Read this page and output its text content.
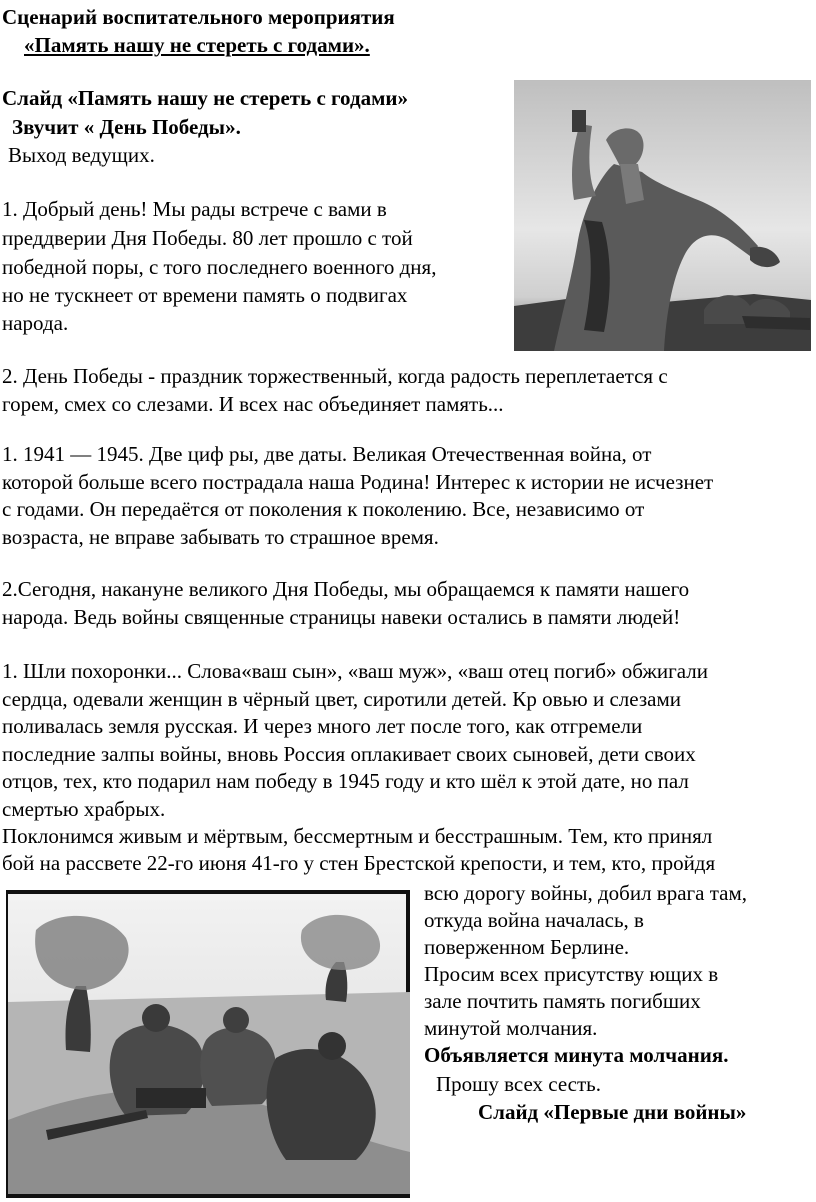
Сценарий воспитательного мероприятия
«Память нашу не стереть с годами».
Слайд «Память нашу не стереть с годами»
Звучит « День Победы».
Выход ведущих.
1. Добрый день! Мы рады встрече с вами в
преддверии Дня Победы. 80 лет прошло с той
победной поры, с того последнего военного дня,
но не тускнеет от времени память о подвигах
народа.
2. День Победы - праздник торжественный, когда радость переплетается с
горем, смех со слезами. И всех нас объединяет память...
1. 1941 — 1945. Две циф ры, две даты. Великая Отечественная война, от
которой больше всего пострадала наша Родина! Интерес к истории не исчезнет
с годами. Он передаётся от поколения к поколению. Все, независимо от
возраста, не вправе забывать то страшное время.
2.Сегодня, накануне великого Дня Победы, мы обращаемся к памяти нашего
народа. Ведь войны священные страницы навеки остались в памяти людей!
1. Шли похоронки... Слова«ваш сын», «ваш муж», «ваш отец погиб» обжигали
сердца, одевали женщин в чёрный цвет, сиротили детей. Кр овью и слезами
поливалась земля русская. И через много лет после того, как отгремели
последние залпы войны, вновь Россия оплакивает своих сыновей, дети своих
отцов, тех, кто подарил нам победу в 1945 году и кто шёл к этой дате, но пал
смертью храбрых.
Поклонимся живым и мёртвым, бессмертным и бесстрашным. Тем, кто принял
бой на рассвете 22-го июня 41-го у стен Брестской крепости, и тем, кто, пройдя
всю дорогу войны, добил врага там,
откуда война началась, в
поверженном Берлине.
Просим всех присутству ющих в
зале почтить память погибших
минутой молчания.
Объявляется минута молчания.
Прошу всех сесть.
Слайд «Первые дни войны»
